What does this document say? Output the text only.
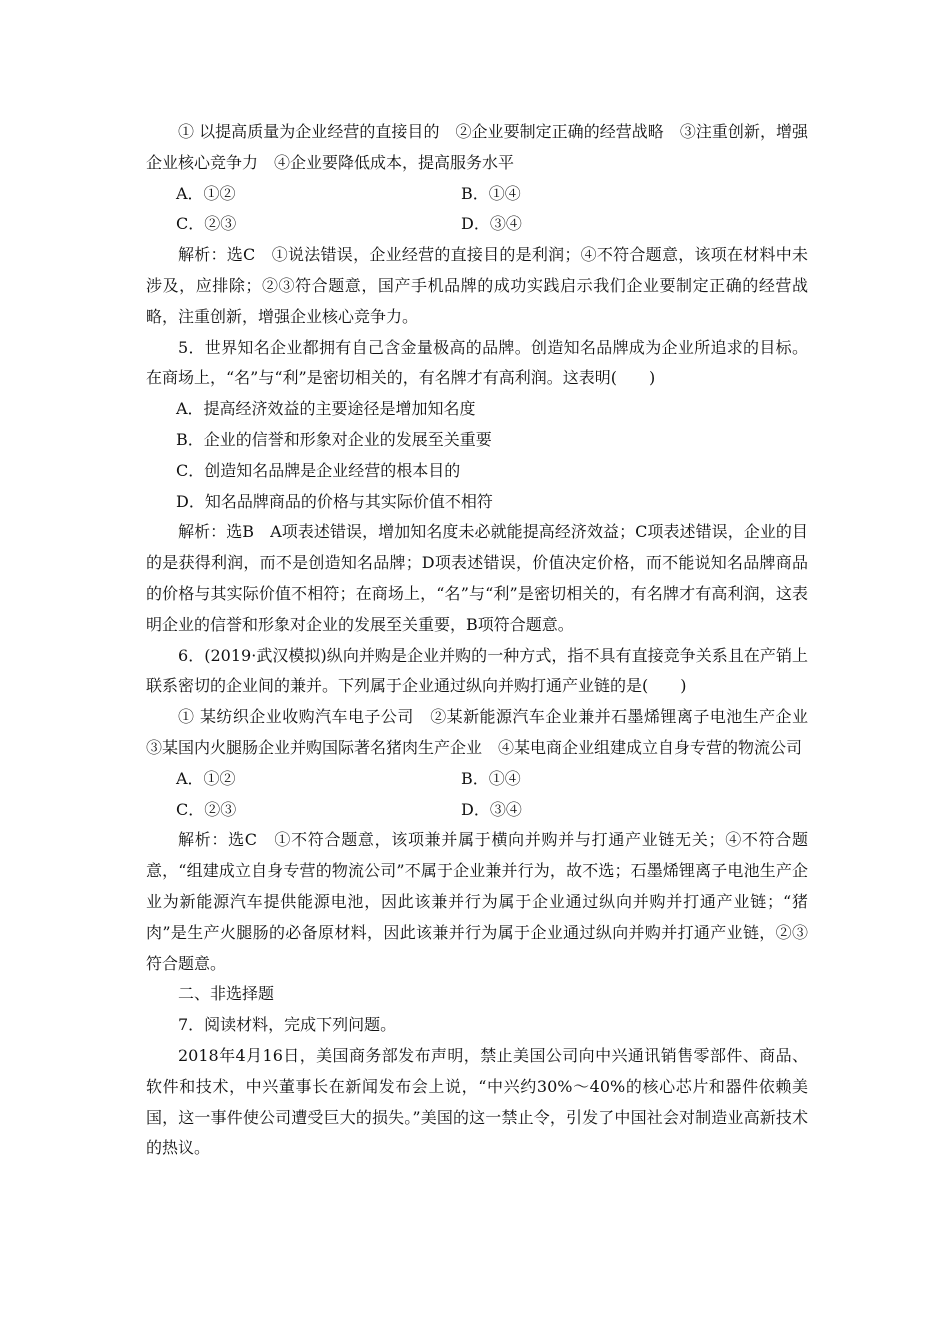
① 以提高质量为企业经营的直接目的　②企业要制定正确的经营战略　③注重创新，增强企业核心竞争力　④企业要降低成本，提高服务水平

A．①②	B．①④
C．②③	D．③④

解析：选C　①说法错误，企业经营的直接目的是利润；④不符合题意，该项在材料中未涉及，应排除；②③符合题意，国产手机品牌的成功实践启示我们企业要制定正确的经营战略，注重创新，增强企业核心竞争力。

5．世界知名企业都拥有自己含金量极高的品牌。创造知名品牌成为企业所追求的目标。在商场上，“名”与“利”是密切相关的，有名牌才有高利润。这表明(　　)

A．提高经济效益的主要途径是增加知名度

B．企业的信誉和形象对企业的发展至关重要

C．创造知名品牌是企业经营的根本目的

D．知名品牌商品的价格与其实际价值不相符

解析：选B　A项表述错误，增加知名度未必就能提高经济效益；C项表述错误，企业的目的是获得利润，而不是创造知名品牌；D项表述错误，价值决定价格，而不能说知名品牌商品的价格与其实际价值不相符；在商场上，“名”与“利”是密切相关的，有名牌才有高利润，这表明企业的信誉和形象对企业的发展至关重要，B项符合题意。

6．(2019·武汉模拟)纵向并购是企业并购的一种方式，指不具有直接竞争关系且在产销上联系密切的企业间的兼并。下列属于企业通过纵向并购打通产业链的是(　　)

① 某纺织企业收购汽车电子公司　②某新能源汽车企业兼并石墨烯锂离子电池生产企业　③某国内火腿肠企业并购国际著名猪肉生产企业　④某电商企业组建成立自身专营的物流公司

A．①②	B．①④
C．②③	D．③④

解析：选C　①不符合题意，该项兼并属于横向并购并与打通产业链无关；④不符合题意，“组建成立自身专营的物流公司”不属于企业兼并行为，故不选；石墨烯锂离子电池生产企业为新能源汽车提供能源电池，因此该兼并行为属于企业通过纵向并购并打通产业链；“猪肉”是生产火腿肠的必备原材料，因此该兼并行为属于企业通过纵向并购并打通产业链，②③符合题意。

二、非选择题

7．阅读材料，完成下列问题。

2018年4月16日，美国商务部发布声明，禁止美国公司向中兴通讯销售零部件、商品、软件和技术，中兴董事长在新闻发布会上说，“中兴约30%～40%的核心芯片和器件依赖美国，这一事件使公司遭受巨大的损失。”美国的这一禁止令，引发了中国社会对制造业高新技术的热议。
